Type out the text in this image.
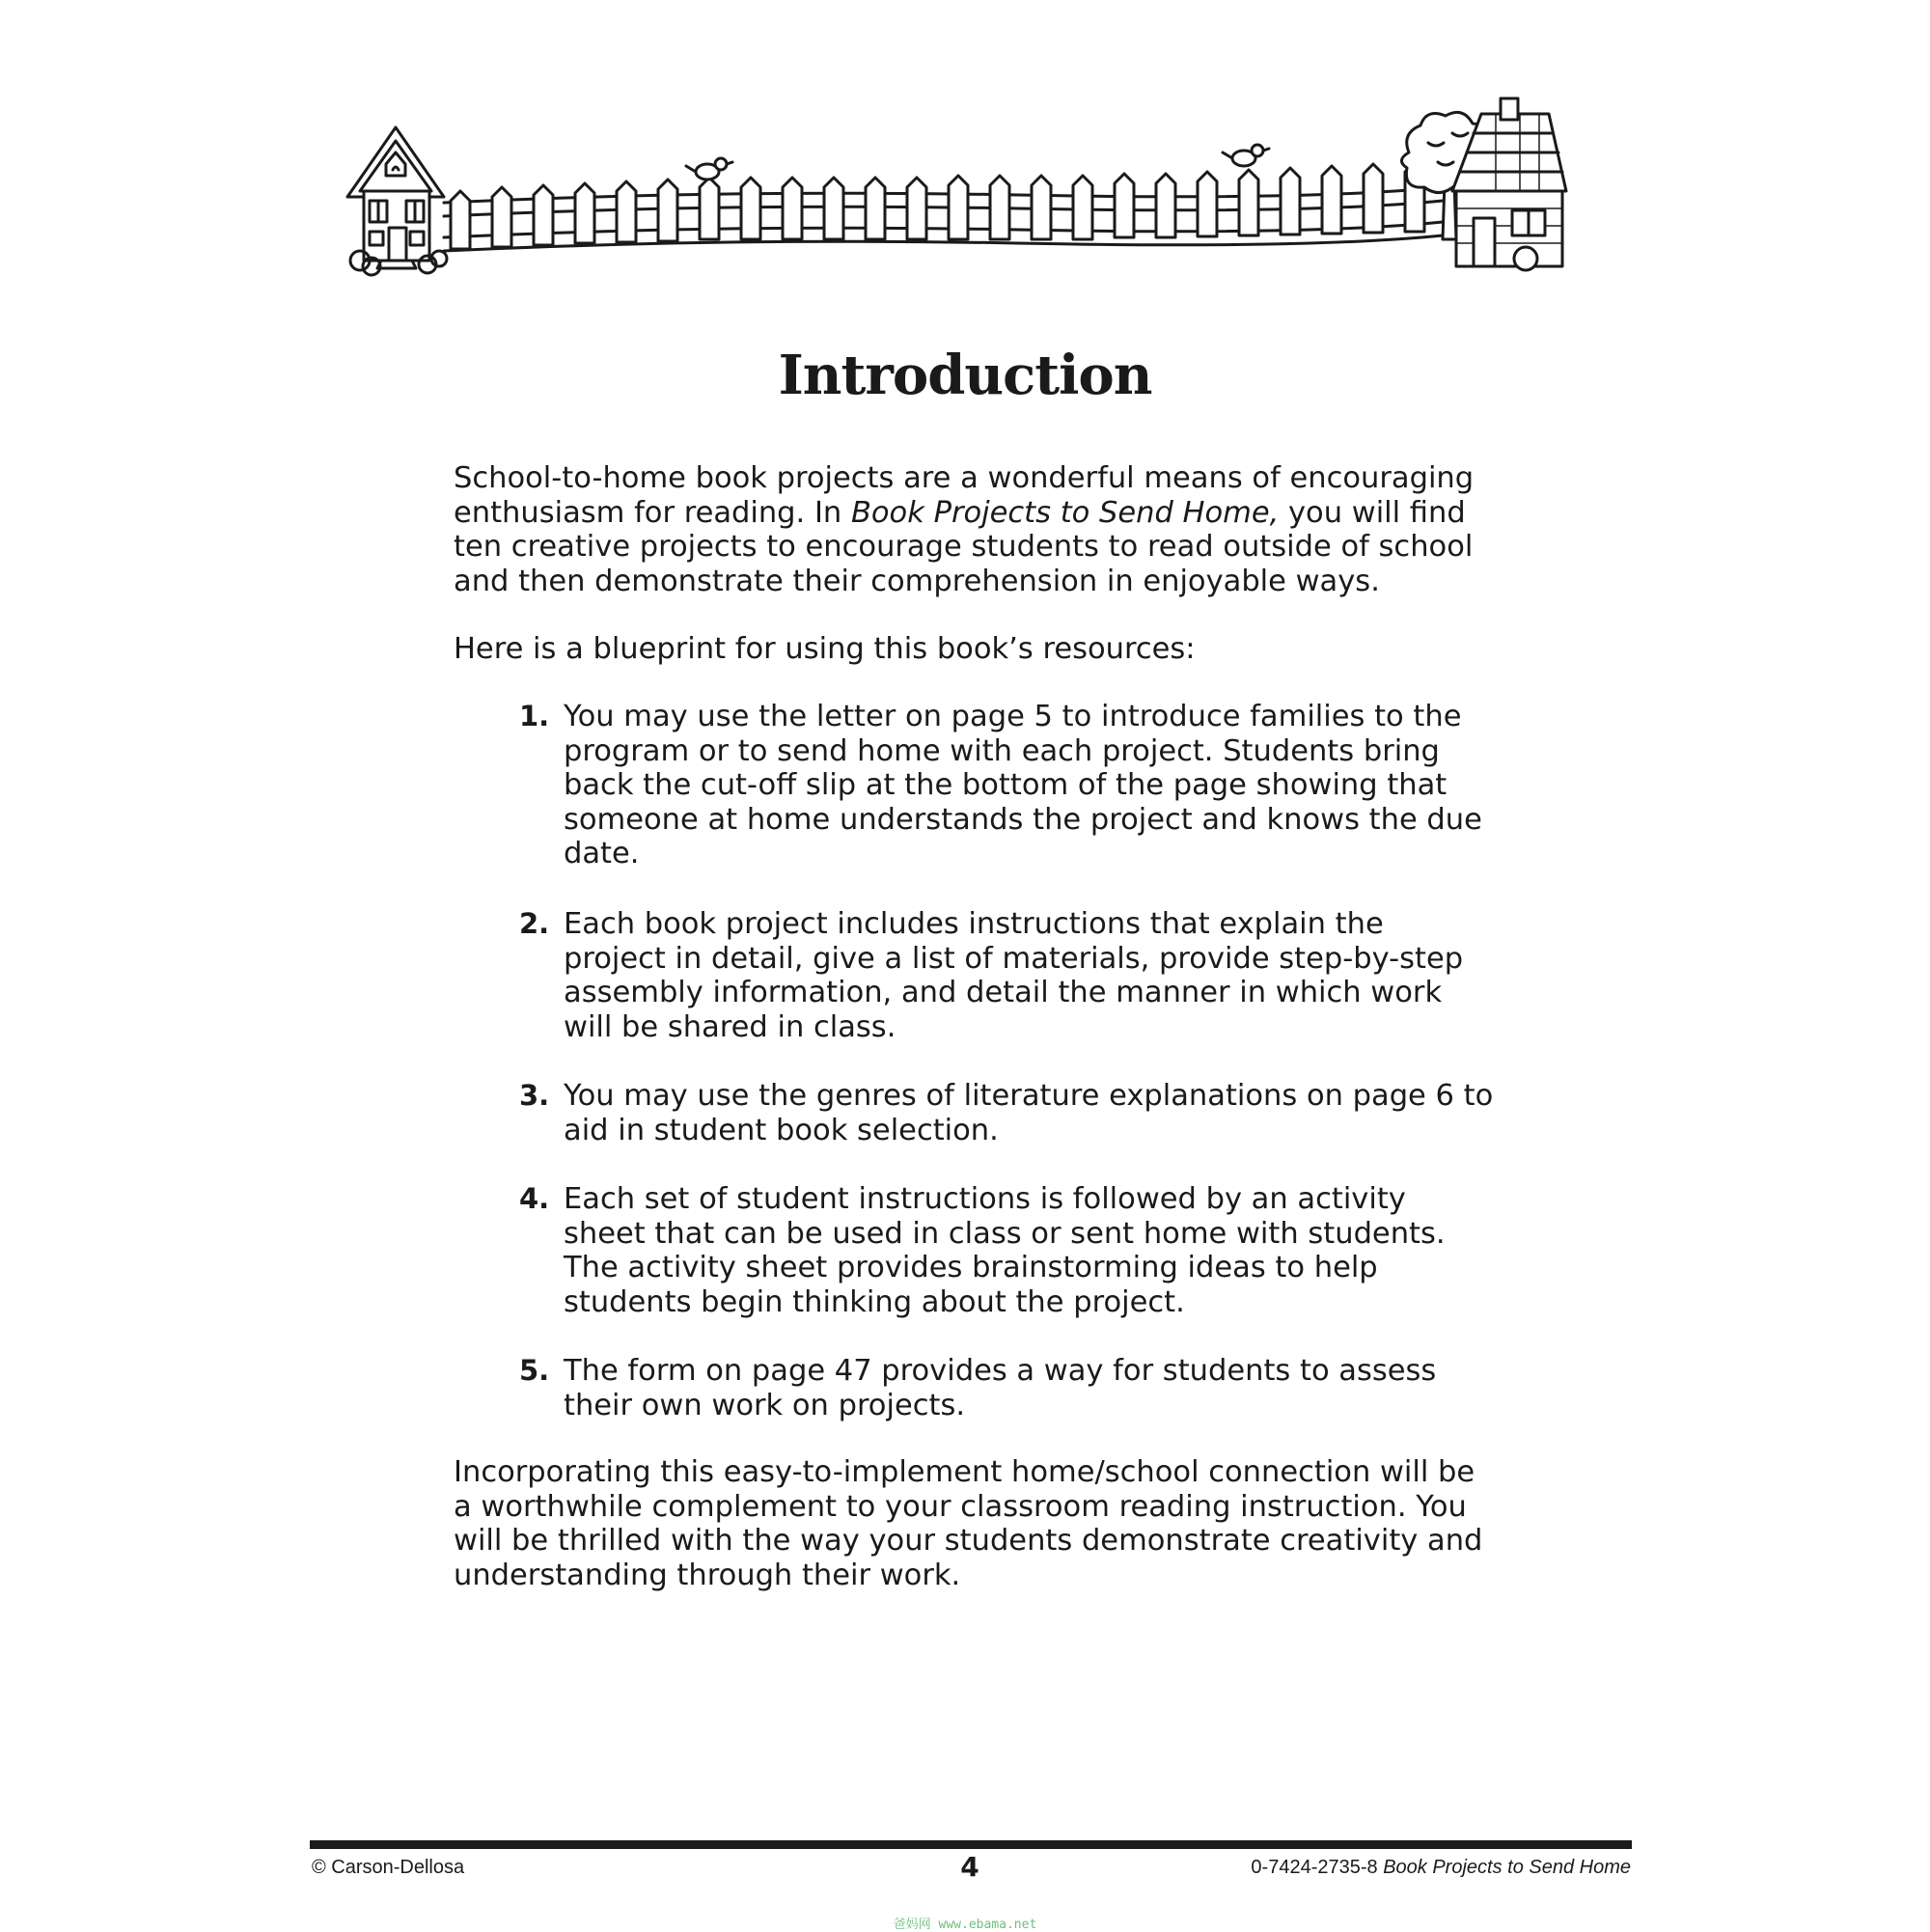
Introduction

School-to-home book projects are a wonderful means of encouraging enthusiasm for reading. In Book Projects to Send Home, you will find ten creative projects to encourage students to read outside of school and then demonstrate their comprehension in enjoyable ways.

Here is a blueprint for using this book’s resources:

1. You may use the letter on page 5 to introduce families to the program or to send home with each project. Students bring back the cut-off slip at the bottom of the page showing that someone at home understands the project and knows the due date.
2. Each book project includes instructions that explain the project in detail, give a list of materials, provide step-by-step assembly information, and detail the manner in which work will be shared in class.
3. You may use the genres of literature explanations on page 6 to aid in student book selection.
4. Each set of student instructions is followed by an activity sheet that can be used in class or sent home with students. The activity sheet provides brainstorming ideas to help students begin thinking about the project.
5. The form on page 47 provides a way for students to assess their own work on projects.

Incorporating this easy-to-implement home/school connection will be a worthwhile complement to your classroom reading instruction. You will be thrilled with the way your students demonstrate creativity and understanding through their work.

© Carson-Dellosa	4	0-7424-2735-8 Book Projects to Send Home
爸妈网 www.ebama.net
